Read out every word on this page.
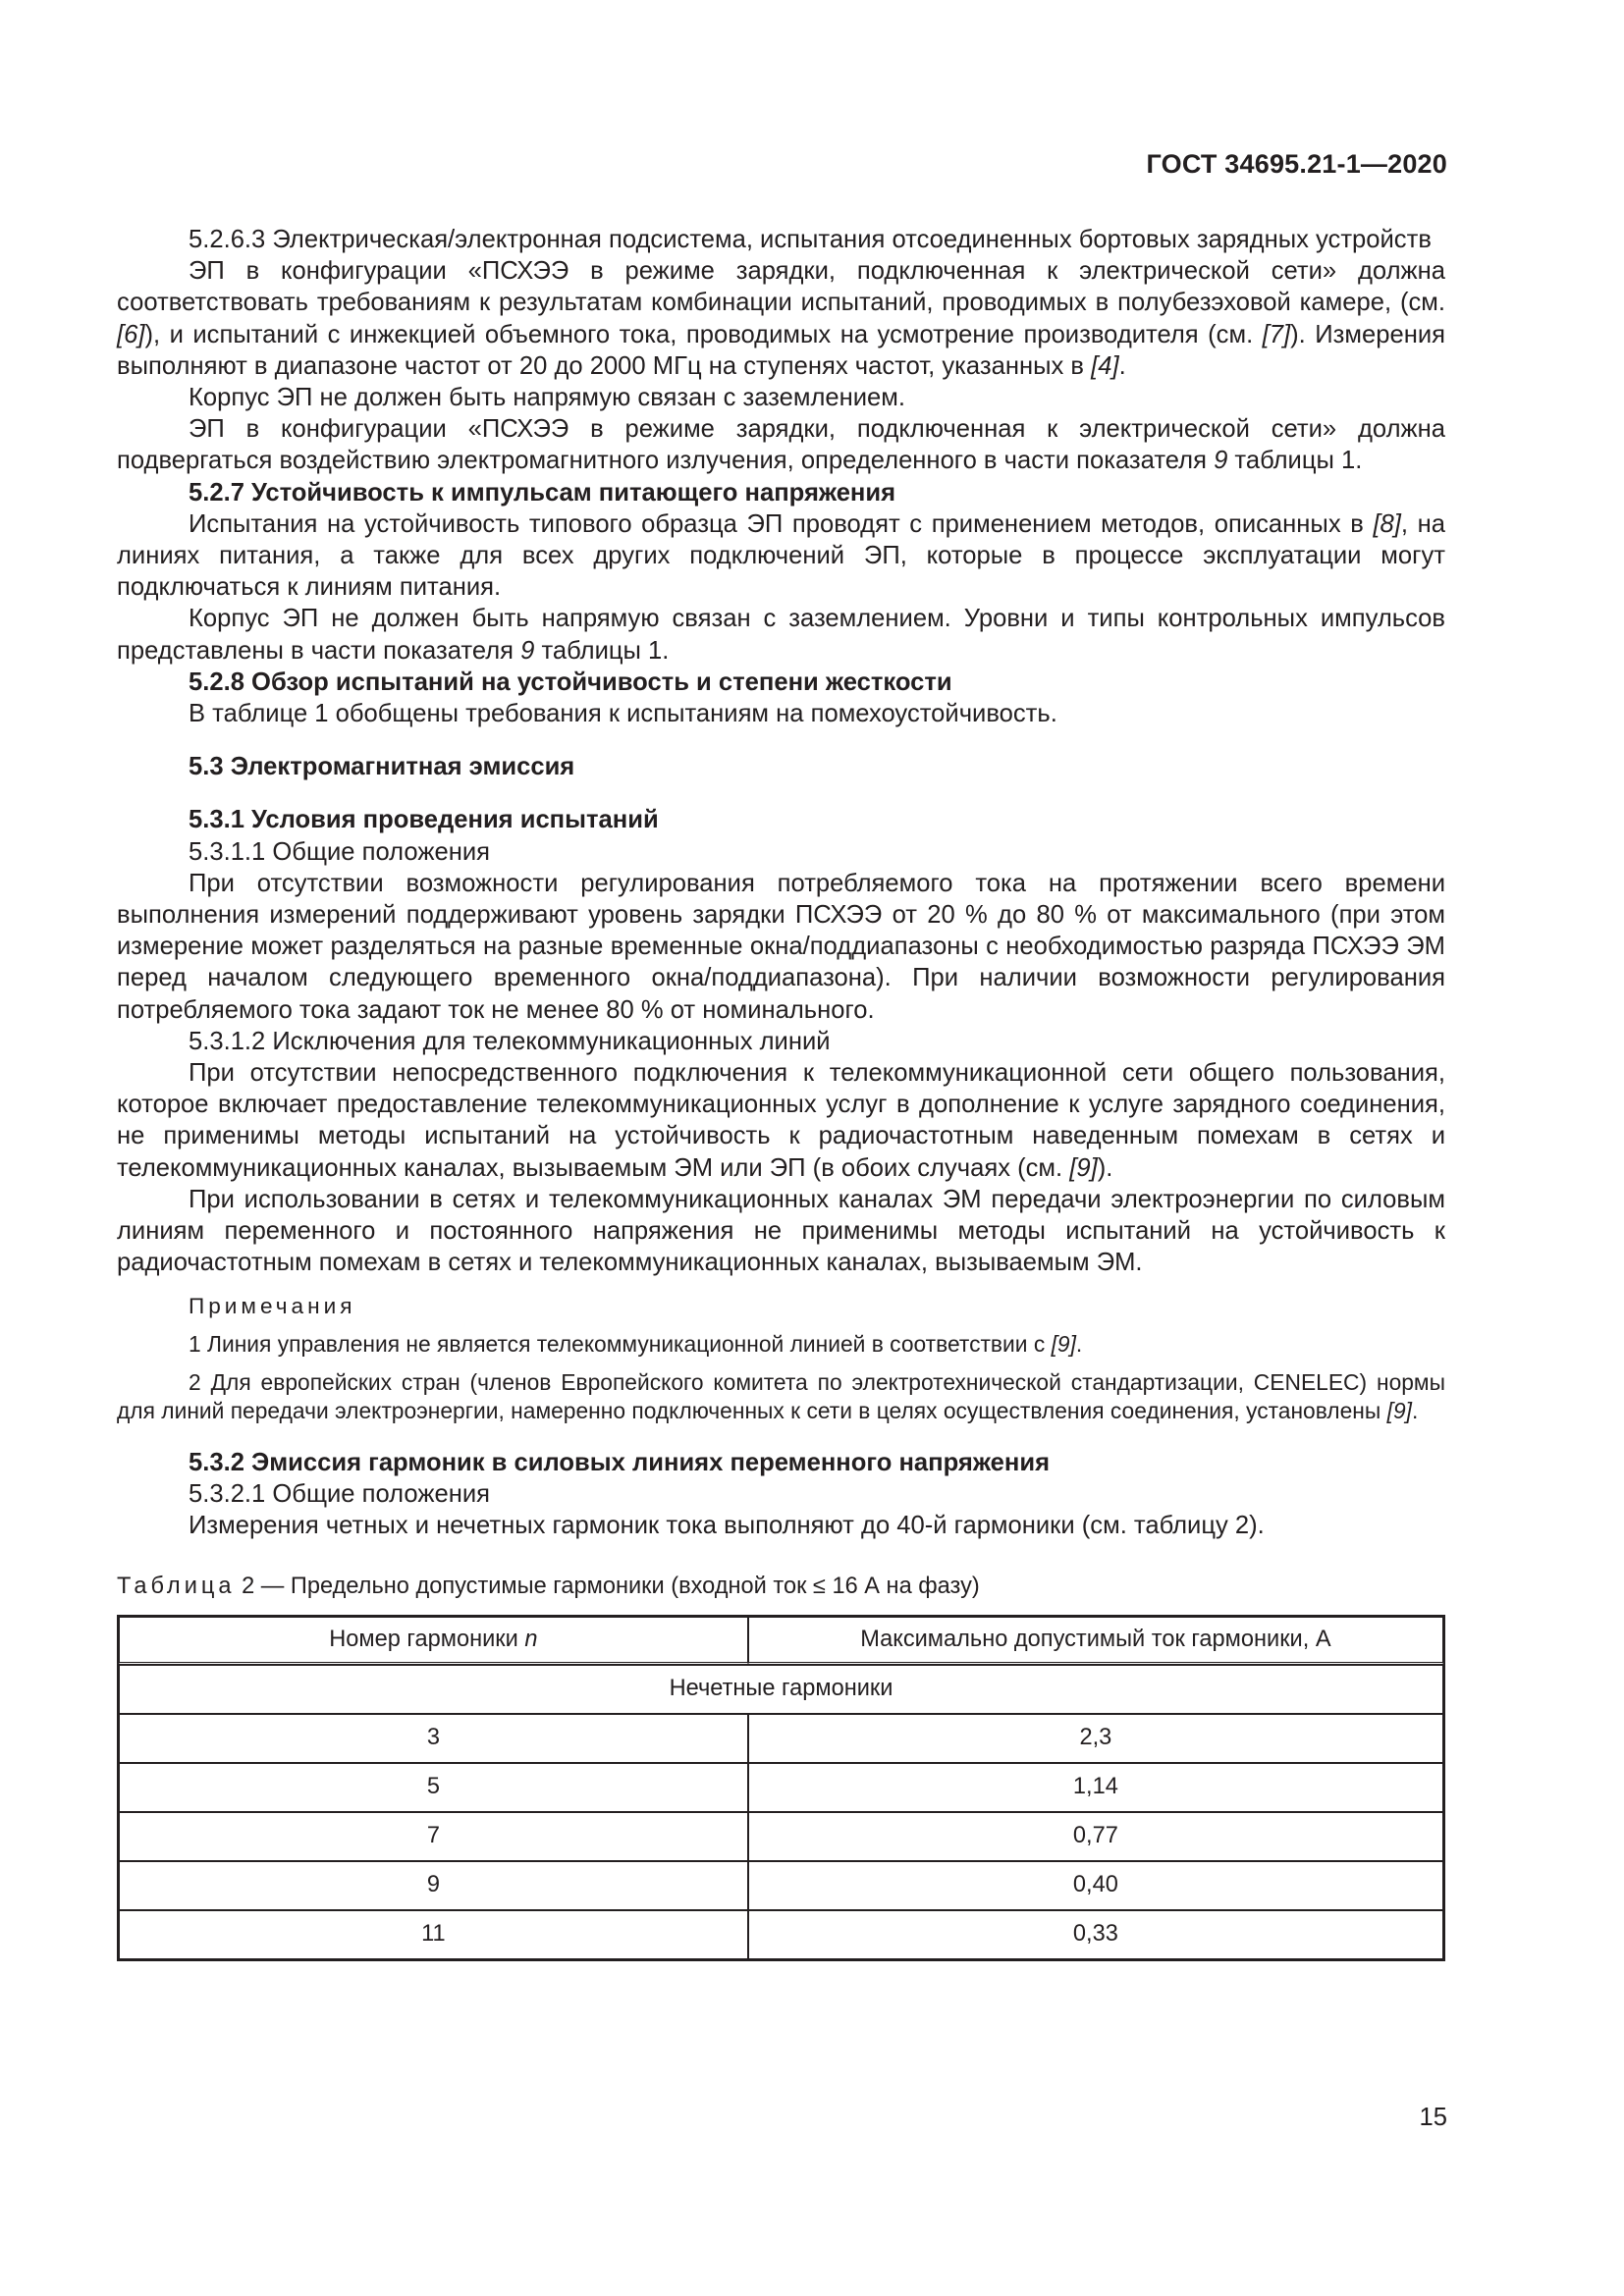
ГОСТ 34695.21-1—2020

5.2.6.3 Электрическая/электронная подсистема, испытания отсоединенных бортовых зарядных устройств

ЭП в конфигурации «ПСХЭЭ в режиме зарядки, подключенная к электрической сети» должна соответствовать требованиям к результатам комбинации испытаний, проводимых в полубезэховой камере, (см. [6]), и испытаний с инжекцией объемного тока, проводимых на усмотрение производителя (см. [7]). Измерения выполняют в диапазоне частот от 20 до 2000 МГц на ступенях частот, указанных в [4].

Корпус ЭП не должен быть напрямую связан с заземлением.

ЭП в конфигурации «ПСХЭЭ в режиме зарядки, подключенная к электрической сети» должна подвергаться воздействию электромагнитного излучения, определенного в части показателя 9 таблицы 1.

5.2.7 Устойчивость к импульсам питающего напряжения

Испытания на устойчивость типового образца ЭП проводят с применением методов, описанных в [8], на линиях питания, а также для всех других подключений ЭП, которые в процессе эксплуатации могут подключаться к линиям питания.

Корпус ЭП не должен быть напрямую связан с заземлением. Уровни и типы контрольных импульсов представлены в части показателя 9 таблицы 1.

5.2.8 Обзор испытаний на устойчивость и степени жесткости

В таблице 1 обобщены требования к испытаниям на помехоустойчивость.

5.3 Электромагнитная эмиссия

5.3.1 Условия проведения испытаний

5.3.1.1 Общие положения

При отсутствии возможности регулирования потребляемого тока на протяжении всего времени выполнения измерений поддерживают уровень зарядки ПСХЭЭ от 20 % до 80 % от максимального (при этом измерение может разделяться на разные временные окна/поддиапазоны с необходимостью разряда ПСХЭЭ ЭМ перед началом следующего временного окна/поддиапазона). При наличии возможности регулирования потребляемого тока задают ток не менее 80 % от номинального.

5.3.1.2 Исключения для телекоммуникационных линий

При отсутствии непосредственного подключения к телекоммуникационной сети общего пользования, которое включает предоставление телекоммуникационных услуг в дополнение к услуге зарядного соединения, не применимы методы испытаний на устойчивость к радиочастотным наведенным помехам в сетях и телекоммуникационных каналах, вызываемым ЭМ или ЭП (в обоих случаях (см. [9]).

При использовании в сетях и телекоммуникационных каналах ЭМ передачи электроэнергии по силовым линиям переменного и постоянного напряжения не применимы методы испытаний на устойчивость к радиочастотным помехам в сетях и телекоммуникационных каналах, вызываемым ЭМ.

Примечания

1 Линия управления не является телекоммуникационной линией в соответствии с [9].

2 Для европейских стран (членов Европейского комитета по электротехнической стандартизации, CENELEC) нормы для линий передачи электроэнергии, намеренно подключенных к сети в целях осуществления соединения, установлены [9].

5.3.2 Эмиссия гармоник в силовых линиях переменного напряжения

5.3.2.1 Общие положения

Измерения четных и нечетных гармоник тока выполняют до 40-й гармоники (см. таблицу 2).

Таблица 2 — Предельно допустимые гармоники (входной ток ≤ 16 А на фазу)

Номер гармоники n	Максимально допустимый ток гармоники, А
Нечетные гармоники	
3	2,3
5	1,14
7	0,77
9	0,40
11	0,33
15
